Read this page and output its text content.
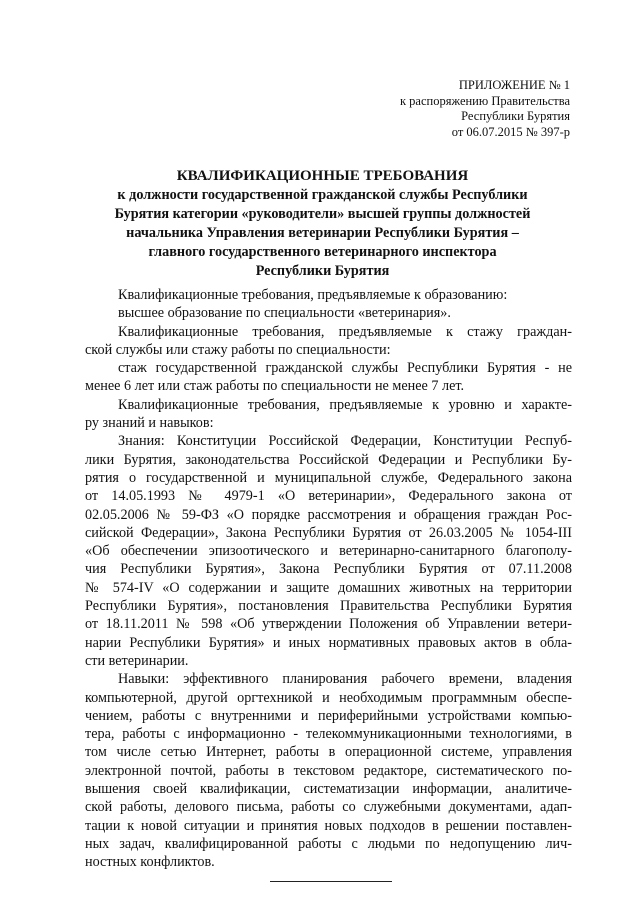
ПРИЛОЖЕНИЕ № 1
к распоряжению Правительства
Республики Бурятия
от 06.07.2015 № 397-р
КВАЛИФИКАЦИОННЫЕ ТРЕБОВАНИЯ
к должности государственной гражданской службы Республики
Бурятия категории «руководители» высшей группы должностей
начальника Управления ветеринарии Республики Бурятия –
главного государственного ветеринарного инспектора
Республики Бурятия
Квалификационные требования, предъявляемые к образованию:
высшее образование по специальности «ветеринария».
Квалификационные требования, предъявляемые к стажу граждан-
ской службы или стажу работы по специальности:
стаж государственной гражданской службы Республики Бурятия - не
менее 6 лет или стаж работы по специальности не менее 7 лет.
Квалификационные требования, предъявляемые к уровню и характе-
ру знаний и навыков:
Знания: Конституции Российской Федерации, Конституции Респуб-
лики Бурятия, законодательства Российской Федерации и Республики Бу-
рятия о государственной и муниципальной службе, Федерального закона
от 14.05.1993 № 4979-1 «О ветеринарии», Федерального закона от
02.05.2006 № 59-ФЗ «О порядке рассмотрения и обращения граждан Рос-
сийской Федерации», Закона Республики Бурятия от 26.03.2005 № 1054-III
«Об обеспечении эпизоотического и ветеринарно-санитарного благополу-
чия Республики Бурятия», Закона Республики Бурятия от 07.11.2008
№ 574-IV «О содержании и защите домашних животных на территории
Республики Бурятия», постановления Правительства Республики Бурятия
от 18.11.2011 № 598 «Об утверждении Положения об Управлении ветери-
нарии Республики Бурятия» и иных нормативных правовых актов в обла-
сти ветеринарии.
Навыки: эффективного планирования рабочего времени, владения
компьютерной, другой оргтехникой и необходимым программным обеспе-
чением, работы с внутренними и периферийными устройствами компью-
тера, работы с информационно - телекоммуникационными технологиями, в
том числе сетью Интернет, работы в операционной системе, управления
электронной почтой, работы в текстовом редакторе, систематического по-
вышения своей квалификации, систематизации информации, аналитиче-
ской работы, делового письма, работы со служебными документами, адап-
тации к новой ситуации и принятия новых подходов в решении поставлен-
ных задач, квалифицированной работы с людьми по недопущению лич-
ностных конфликтов.
